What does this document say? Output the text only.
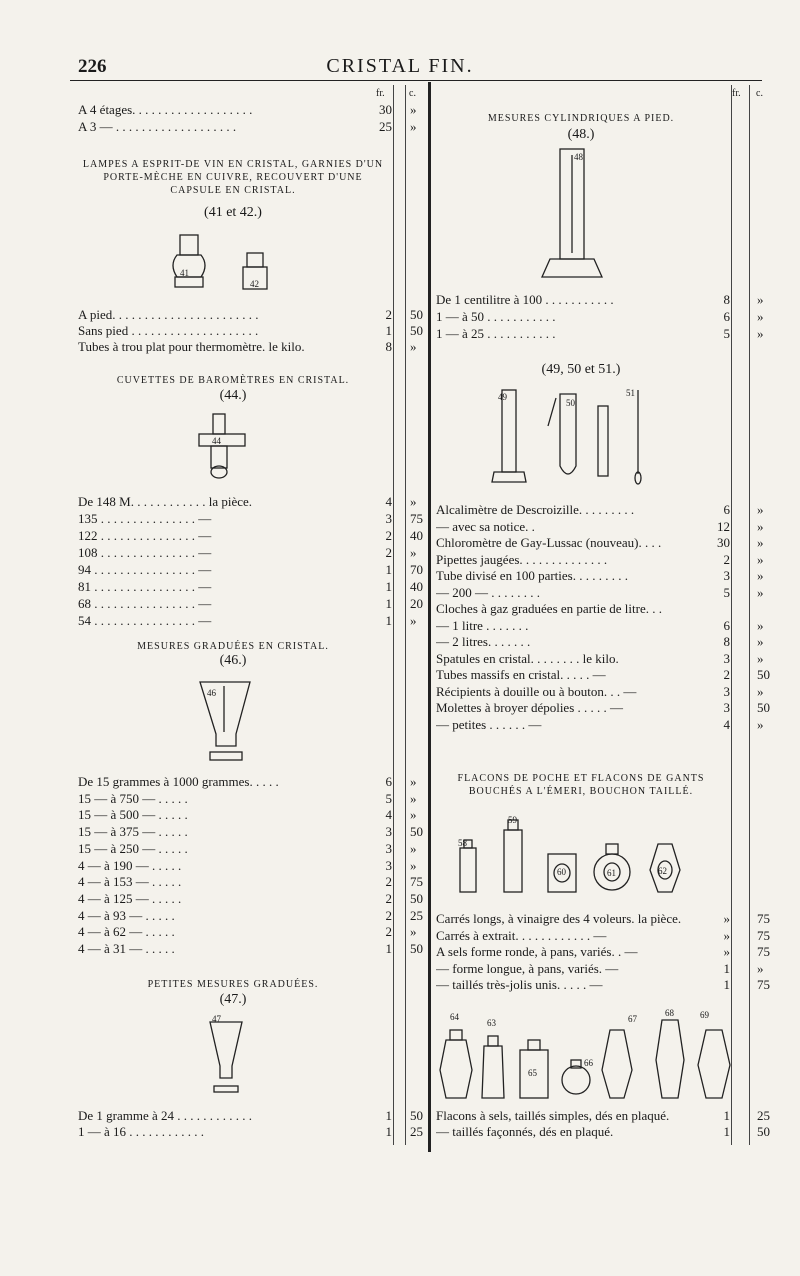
226	CRISTAL FIN.
fr. c.	fr. c.
LAMPES A ESPRIT-DE VIN EN CRISTAL, GARNIES D'UN PORTE-MÈCHE EN CUIVRE, RECOUVERT D'UNE CAPSULE EN CRISTAL.
(41 et 42.)
41
42
CUVETTES DE BAROMÈTRES EN CRISTAL.
(44.)
44
MESURES GRADUÉES EN CRISTAL.
(46.)
46
PETITES MESURES GRADUÉES.
(47.)
47
MESURES CYLINDRIQUES A PIED.
(48.)
48
(49, 50 et 51.)
49
50
51
FLACONS DE POCHE ET FLACONS DE GANTS BOUCHÉS A L'ÉMERI, BOUCHON TAILLÉ.
58
59
60	61	62
64
63
65
66
67
68	69
A 4 étages. . . . . . . . . . . . . . . . . . .	30 »
A 3 — . . . . . . . . . . . . . . . . . . .	25 »
A pied. . . . . . . . . . . . . . . . . . . . . . .	2 50
Sans pied . . . . . . . . . . . . . . . . . . . .	1 50
Tubes à trou plat pour thermomètre. le kilo.	8 »
De 148 M. . . . . . . . . . . . la pièce.	4 »
135 . . . . . . . . . . . . . . . —	3 75
122 . . . . . . . . . . . . . . . —	2 40
108 . . . . . . . . . . . . . . . —	2 »
94 . . . . . . . . . . . . . . . . —	1 70
81 . . . . . . . . . . . . . . . . —	1 40
68 . . . . . . . . . . . . . . . . —	1 20
54 . . . . . . . . . . . . . . . . —	1 »
De 15 grammes à 1000 grammes. . . . .	6 »
15 — à 750 — . . . . .	5 »
15 — à 500 — . . . . .	4 »
15 — à 375 — . . . . .	3 50
15 — à 250 — . . . . .	3 »
4 — à 190 — . . . . .	3 »
4 — à 153 — . . . . .	2 75
4 — à 125 — . . . . .	2 50
4 — à 93 — . . . . .	2 25
4 — à 62 — . . . . .	2 »
4 — à 31 — . . . . .	1 50
De 1 gramme à 24 . . . . . . . . . . . .	1 50
1 — à 16 . . . . . . . . . . . .	1 25
De 1 centilitre à 100 . . . . . . . . . . .	8 »
1 — à 50 . . . . . . . . . . .	6 »
1 — à 25 . . . . . . . . . . .	5 »
Alcalimètre de Descroizille. . . . . . . . .	6 »
— avec sa notice. .	12 »
Chloromètre de Gay-Lussac (nouveau). . . .	30 »
Pipettes jaugées. . . . . . . . . . . . . .	2 »
Tube divisé en 100 parties. . . . . . . . .	3 »
— 200 — . . . . . . . .	5 »
Cloches à gaz graduées en partie de litre. . .
— 1 litre . . . . . . .	6 »
— 2 litres. . . . . . .	8 »
Spatules en cristal. . . . . . . . le kilo.	3 »
Tubes massifs en cristal. . . . . —	2 50
Récipients à douille ou à bouton. . . —	3 »
Molettes à broyer dépolies . . . . . —	3 50
— petites . . . . . . —	4 »
Carrés longs, à vinaigre des 4 voleurs. la pièce.	» 75
Carrés à extrait. . . . . . . . . . . . —	» 75
A sels forme ronde, à pans, variés. . —	» 75
— forme longue, à pans, variés. —	1 »
— taillés très-jolis unis. . . . . —	1 75
Flacons à sels, taillés simples, dés en plaqué.	1 25
— taillés façonnés, dés en plaqué.	1 50
